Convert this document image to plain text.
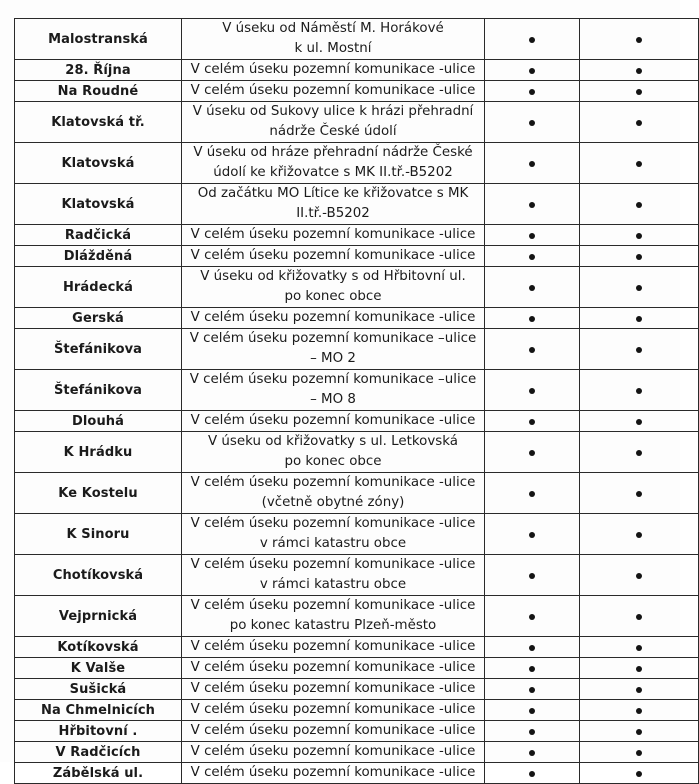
Malostranská	V úseku od Náměstí M. Horákové
k ul. Mostní		

28. Října	V celém úseku pozemní komunikace -ulice		

Na Roudné	V celém úseku pozemní komunikace -ulice		

Klatovská tř.	V úseku od Sukovy ulice k hrázi přehradní
nádrže České údolí		

Klatovská	V úseku od hráze přehradní nádrže České
údolí ke křižovatce s MK II.tř.-B5202		

Klatovská	Od začátku MO Lítice ke křižovatce s MK
II.tř.-B5202		

Radčická	V celém úseku pozemní komunikace -ulice		

Dlážděná	V celém úseku pozemní komunikace -ulice		

Hrádecká	V úseku od křižovatky s od Hřbitovní ul.
po konec obce		

Gerská	V celém úseku pozemní komunikace -ulice		

Štefánikova	V celém úseku pozemní komunikace –ulice
– MO 2		

Štefánikova	V celém úseku pozemní komunikace –ulice
– MO 8		

Dlouhá	V celém úseku pozemní komunikace -ulice		

K Hrádku	V úseku od křižovatky s ul. Letkovská
po konec obce		

Ke Kostelu	V celém úseku pozemní komunikace -ulice
(včetně obytné zóny)		

K Sinoru	V celém úseku pozemní komunikace -ulice
v rámci katastru obce		

Chotíkovská	V celém úseku pozemní komunikace -ulice
v rámci katastru obce		

Vejprnická	V celém úseku pozemní komunikace -ulice
po konec katastru Plzeň-město		

Kotíkovská	V celém úseku pozemní komunikace -ulice		

K Valše	V celém úseku pozemní komunikace -ulice		

Sušická	V celém úseku pozemní komunikace -ulice		

Na Chmelnicích	V celém úseku pozemní komunikace -ulice		

Hřbitovní .	V celém úseku pozemní komunikace -ulice		

V Radčicích	V celém úseku pozemní komunikace -ulice		

Zábělská ul.	V celém úseku pozemní komunikace -ulice		
